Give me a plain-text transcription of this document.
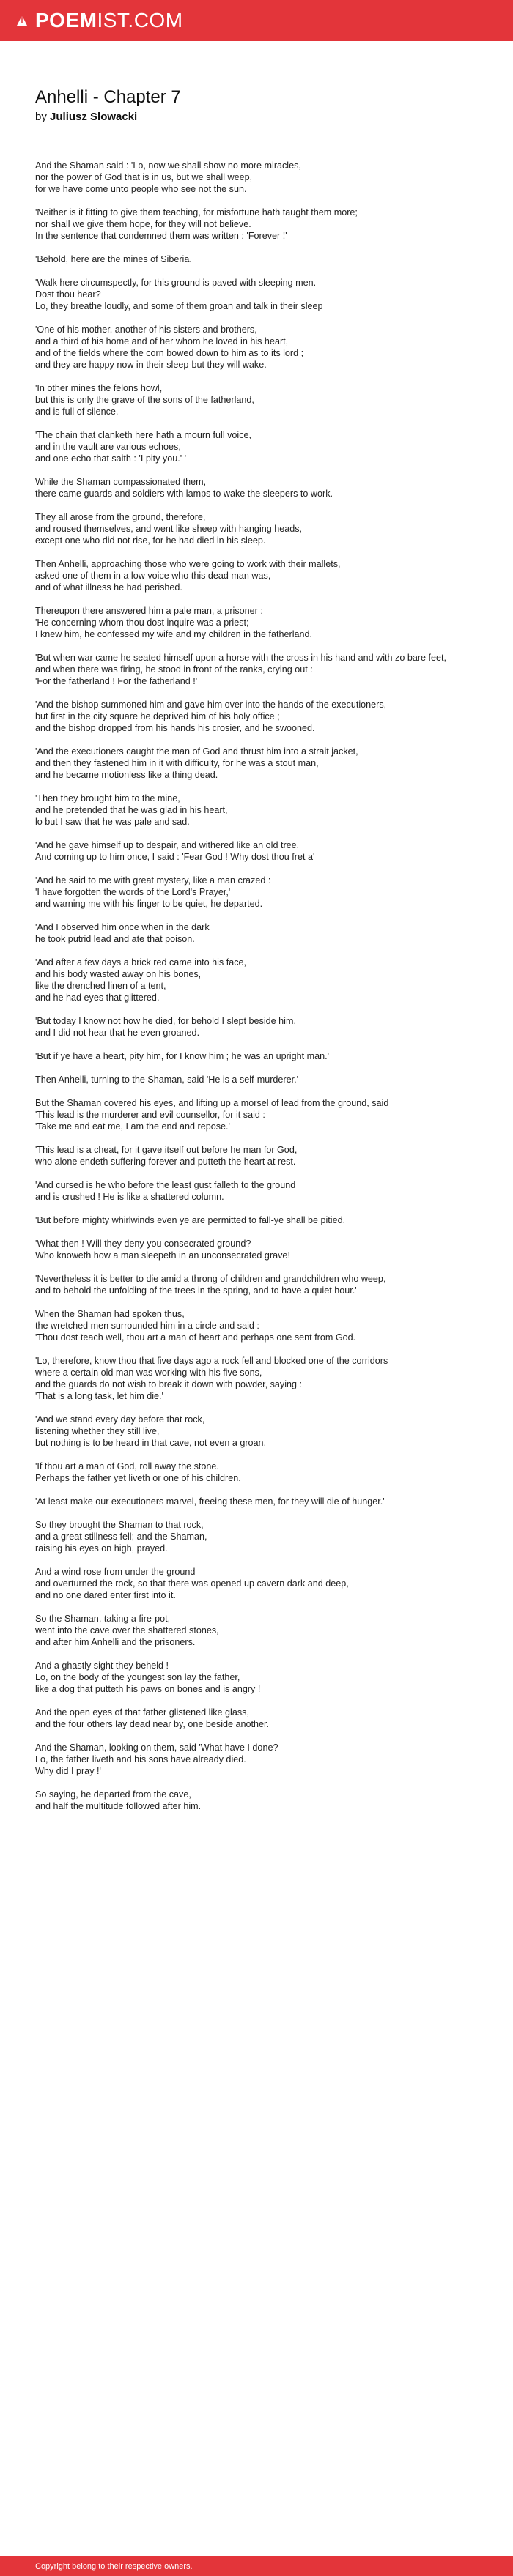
POEMIST.COM
Anhelli - Chapter 7
by Juliusz Slowacki
And the Shaman said : 'Lo, now we shall show no more miracles,
nor the power of God that is in us, but we shall weep,
for we have come unto people who see not the sun.
'Neither is it fitting to give them teaching, for misfortune hath taught them more;
nor shall we give them hope, for they will not believe.
In the sentence that condemned them was written : 'Forever !'
'Behold, here are the mines of Siberia.
'Walk here circumspectly, for this ground is paved with sleeping men.
Dost thou hear?
Lo, they breathe loudly, and some of them groan and talk in their sleep
'One of his mother, another of his sisters and brothers,
and a third of his home and of her whom he loved in his heart,
and of the fields where the corn bowed down to him as to its lord ;
and they are happy now in their sleep-but they will wake.
'In other mines the felons howl,
but this is only the grave of the sons of the fatherland,
and is full of silence.
'The chain that clanketh here hath a mourn full voice,
and in the vault are various echoes,
and one echo that saith : 'I pity you.' '
While the Shaman compassionated them,
there came guards and soldiers with lamps to wake the sleepers to work.
They all arose from the ground, therefore,
and roused themselves, and went like sheep with hanging heads,
except one who did not rise, for he had died in his sleep.
Then Anhelli, approaching those who were going to work with their mallets,
asked one of them in a low voice who this dead man was,
and of what illness he had perished.
Thereupon there answered him a pale man, a prisoner :
'He concerning whom thou dost inquire was a priest;
I knew him, he confessed my wife and my children in the fatherland.
'But when war came he seated himself upon a horse with the cross in his hand and with zo bare feet,
and when there was firing, he stood in front of the ranks, crying out :
'For the fatherland ! For the fatherland !'
'And the bishop summoned him and gave him over into the hands of the executioners,
but first in the city square he deprived him of his holy office ;
and the bishop dropped from his hands his crosier, and he swooned.
'And the executioners caught the man of God and thrust him into a strait jacket,
and then they fastened him in it with difficulty, for he was a stout man,
and he became motionless like a thing dead.
'Then they brought him to the mine,
and he pretended that he was glad in his heart,
lo but I saw that he was pale and sad.
'And he gave himself up to despair, and withered like an old tree.
And coming up to him once, I said : 'Fear God ! Why dost thou fret a'
'And he said to me with great mystery, like a man crazed :
'I have forgotten the words of the Lord's Prayer,'
and warning me with his finger to be quiet, he departed.
'And I observed him once when in the dark
he took putrid lead and ate that poison.
'And after a few days a brick red came into his face,
and his body wasted away on his bones,
like the drenched linen of a tent,
and he had eyes that glittered.
'But today I know not how he died, for behold I slept beside him,
and I did not hear that he even groaned.
'But if ye have a heart, pity him, for I know him ; he was an upright man.'
Then Anhelli, turning to the Shaman, said 'He is a self-murderer.'
But the Shaman covered his eyes, and lifting up a morsel of lead from the ground, said
'This lead is the murderer and evil counsellor, for it said :
'Take me and eat me, I am the end and repose.'
'This lead is a cheat, for it gave itself out before he man for God,
who alone endeth suffering forever and putteth the heart at rest.
'And cursed is he who before the least gust falleth to the ground
and is crushed ! He is like a shattered column.
'But before mighty whirlwinds even ye are permitted to fall-ye shall be pitied.
'What then ! Will they deny you consecrated ground?
Who knoweth how a man sleepeth in an unconsecrated grave!
'Nevertheless it is better to die amid a throng of children and grandchildren who weep,
and to behold the unfolding of the trees in the spring, and to have a quiet hour.'
When the Shaman had spoken thus,
the wretched men surrounded him in a circle and said :
'Thou dost teach well, thou art a man of heart and perhaps one sent from God.
'Lo, therefore, know thou that five days ago a rock fell and blocked one of the corridors
where a certain old man was working with his five sons,
and the guards do not wish to break it down with powder, saying :
'That is a long task, let him die.'
'And we stand every day before that rock,
listening whether they still live,
but nothing is to be heard in that cave, not even a groan.
'If thou art a man of God, roll away the stone.
Perhaps the father yet liveth or one of his children.
'At least make our executioners marvel, freeing these men, for they will die of hunger.'
So they brought the Shaman to that rock,
and a great stillness fell; and the Shaman,
raising his eyes on high, prayed.
And a wind rose from under the ground
and overturned the rock, so that there was opened up cavern dark and deep,
and no one dared enter first into it.
So the Shaman, taking a fire-pot,
went into the cave over the shattered stones,
and after him Anhelli and the prisoners.
And a ghastly sight they beheld !
Lo, on the body of the youngest son lay the father,
like a dog that putteth his paws on bones and is angry !
And the open eyes of that father glistened like glass,
and the four others lay dead near by, one beside another.
And the Shaman, looking on them, said 'What have I done?
Lo, the father liveth and his sons have already died.
Why did I pray !'
So saying, he departed from the cave,
and half the multitude followed after him.
Copyright belong to their respective owners.
